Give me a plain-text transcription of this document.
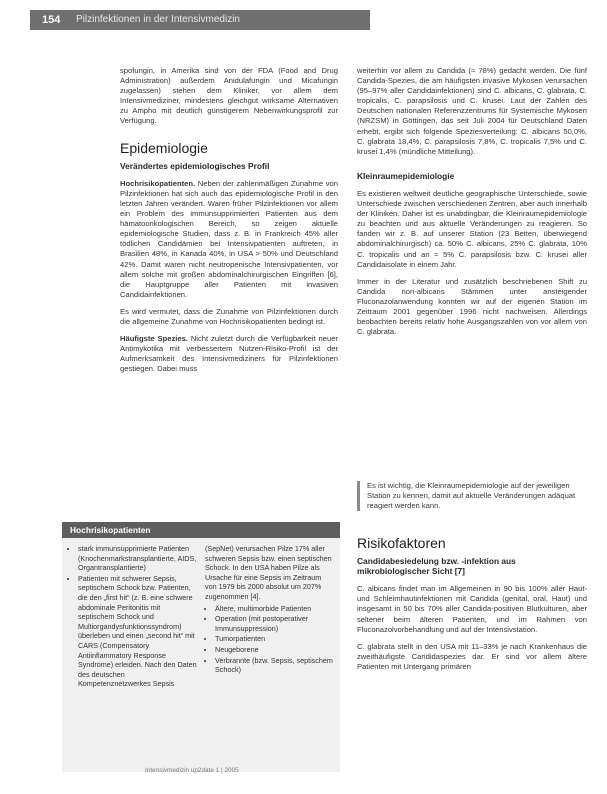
154 Pilzinfektionen in der Intensivmedizin

spofungin, in Amerika sind von der FDA (Food and Drug Administration) außerdem Anidulafungin und Micafungin zugelassen) stehen dem Kliniker, vor allem dem Intensivmediziner, mindestens gleichgut wirksame Alternativen zu Ampho mit deutlich günstigerem Nebenwirkungsprofil zur Verfügung.

Epidemiologie
Verändertes epidemiologisches Profil

Hochrisikopatienten. Neben der zahlenmäßigen Zunahme von Pilzinfektionen hat sich auch das epidemiologische Profil in den letzten Jahren verändert. Waren früher Pilzinfektionen vor allem ein Problem des immunsupprimierten Patienten aus dem hämatoonkologischen Bereich, so zeigen aktuelle epidemiologische Studien, dass z. B. in Frankreich 45% aller tödlichen Candidämien bei Intensivpatienten auftreten, in Brasilien 48%, in Kanada 40%, in USA > 50% und Deutschland 42%. Damit waren nicht neutropenische Intensivpatienten, vor allem solche mit großen abdominalchirurgischen Eingriffen [6], die Hauptgruppe aller Patienten mit invasiven Candidainfektionen.

Es wird vermutet, dass die Zunahme von Pilzinfektionen durch die allgemeine Zunahme von Hochrisikopatienten bedingt ist.

Häufigste Spezies. Nicht zuletzt durch die Verfügbarkeit neuer Antimykotika mit verbessertem Nutzen-Risiko-Profil ist der Aufmerksamkeit des Intensivmediziners für Pilzinfektionen gestiegen. Dabei muss

weiterhin vor allem zu Candida (≈ 78%) gedacht werden. Die fünf Candida-Spezies, die am häufigsten invasive Mykosen verursachen (95–97% aller Candidainfektionen) sind C. albicans, C. glabrata, C. tropicalis, C. parapsilosis und C. krusei. Laut der Zahlen des Deutschen nationalen Referenzzentrums für Systemische Mykosen (NRZSM) in Göttingen, das seit Juli 2004 für Deutschland Daten erhebt, ergibt sich folgende Speziesverteilung: C. albicans 50,0%, C. glabrata 18,4%, C. parapsilosis 7,8%, C. tropicalis 7,5% und C. krusei 1,4% (mündliche Mitteilung).

Kleinraumepidemiologie

Es existieren weltweit deutliche geographische Unterschiede, sowie Unterschiede zwischen verschiedenen Zentren, aber auch innerhalb der Kliniken. Daher ist es unabdingbar, die Kleinraumepidemiologie zu beachten und aus aktuelle Veränderungen zu reagieren. So fanden wir z. B. auf unserer Station (23 Betten, überwiegend abdominalchirurgisch) ca. 50% C. albicans, 25% C. glabrata, 10% C. tropicalis und an ≈ 5% C. parapsilosis bzw. C. krusei aller Candidaisolate in einem Jahr.

Immer in der Literatur und zusätzlich beschriebenen Shift zu Candida non-albicans Stämmen unter ansteigender Fluconazolanwendung konnten wir auf der eigenen Station im Zeitraum 2001 gegenüber 1996 nicht nachweisen. Allerdings beobachten bereits relativ hohe Ausgangszahlen von vor allem von C. glabrata.

Es ist wichtig, die Kleinraumepidemiologie auf der jeweiligen Station zu kennen, damit auf aktuelle Veränderungen adäquat reagiert werden kann.
Risikofaktoren
Candidabesiedelung bzw. -infektion aus mikrobiologischer Sicht [7]

C. albicans findet man im Allgemeinen in 90 bis 100% aller Haut- und Schleimhautinfektionen mit Candida (genital, oral, Haut) und insgesamt in 50 bis 70% aller Candida-positiven Blutkulturen, aber seltener beim älteren Patienten, und im Rahmen von Fluconazolvorbehandlung und auf der Intensivstation.

C. glabrata stellt in den USA mit 11–33% je nach Krankenhaus die zweithäufigste Candidaspezies dar. Er sind vor allem ältere Patienten mit Untergang primären

Hochrisikopatienten
• stark immunsupprimierte Patienten (Knochenmarkstransplantierte, AIDS, Organtransplantierte)
• Patienten mit schwerer Sepsis, septischem Schock bzw. Patienten, die den „first hit“ (z. B. eine schwere abdominale Peritonitis mit septischem Schock und Multiorgandysfunktionssyndrom) überleben und einen „second hit“ mit CARS (Compensatory Antiinflammatory Response Syndrome) erleiden. Nach den Daten des deutschen Kompetenznetzwerkes Sepsis
(SepNet) verursachen Pilze 17% aller schweren Sepsis bzw. einen septischen Schock. In den USA haben Pilze als Ursache für eine Sepsis im Zeitraum von 1979 bis 2000 absolut um 207% zugenommen [4].
• Ältere, multimorbide Patienten
• Operation (mit postoperativer Immunsuppression)
• Tumorpatienten
• Neugeborene
• Verbrannte (bzw. Sepsis, septischem Schock)
Intensivmedizin up2date 1 | 2005
